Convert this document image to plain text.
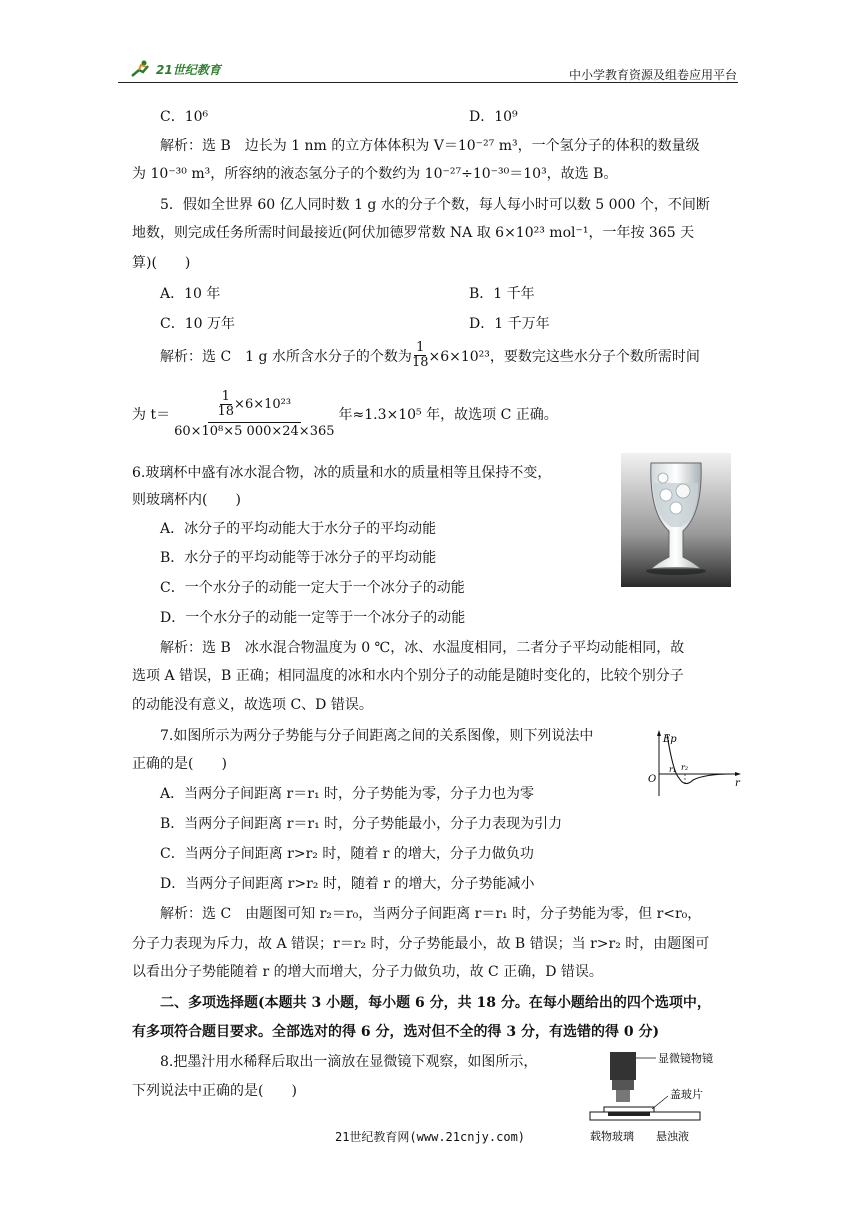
21世纪教育	中小学教育资源及组卷应用平台
C．10⁶	D．10⁹
解析：选 B　边长为 1 nm 的立方体体积为 V＝10⁻²⁷ m³，一个氢分子的体积的数量级
为 10⁻³⁰ m³，所容纳的液态氢分子的个数约为 10⁻²⁷÷10⁻³⁰＝10³，故选 B。
5．假如全世界 60 亿人同时数 1 g 水的分子个数，每人每小时可以数 5 000 个，不间断
地数，则完成任务所需时间最接近(阿伏加德罗常数 NA 取 6×10²³ mol⁻¹，一年按 365 天
算)(　　)
A．10 年	B．1 千年
C．10 万年	D．1 千万年
解析：选 C　1 g 水所含水分子的个数为 $\frac{1}{18} \times 6\times 10^{23}$，要数完这些水分子个数所需时间
为 $t= \frac{\frac{1}{18} \times 6\times 10^{23}}{\text{60×10⁸×5 000×24×365}}$ 年≈1.3×10⁵ 年，故选项 C 正确。
6.玻璃杯中盛有冰水混合物，冰的质量和水的质量相等且保持不变，
则玻璃杯内(　　)
A．冰分子的平均动能大于水分子的平均动能
B．水分子的平均动能等于冰分子的平均动能
C．一个水分子的动能一定大于一个冰分子的动能
D．一个水分子的动能一定等于一个冰分子的动能
解析：选 B　冰水混合物温度为 0 ℃，冰、水温度相同，二者分子平均动能相同，故
选项 A 错误，B 正确；相同温度的冰和水内个别分子的动能是随时变化的，比较个别分子
的动能没有意义，故选项 C、D 错误。
7.如图所示为两分子势能与分子间距离之间的关系图像，则下列说法中
正确的是(　　)
A．当两分子间距离 r＝r₁ 时，分子势能为零，分子力也为零
B．当两分子间距离 r＝r₁ 时，分子势能最小，分子力表现为引力
C．当两分子间距离 r>r₂ 时，随着 r 的增大，分子力做负功
D．当两分子间距离 r>r₂ 时，随着 r 的增大，分子势能减小
Ep
O
r₁ r₂
r
解析：选 C　由题图可知 r₂＝r₀，当两分子间距离 r＝r₁ 时，分子势能为零，但 r<r₀，
分子力表现为斥力，故 A 错误；r＝r₂ 时，分子势能最小，故 B 错误；当 r>r₂ 时，由题图可
以看出分子势能随着 r 的增大而增大，分子力做负功，故 C 正确，D 错误。
二、多项选择题(本题共 3 小题，每小题 6 分，共 18 分。在每小题给出的四个选项中，
有多项符合题目要求。全部选对的得 6 分，选对但不全的得 3 分，有选错的得 0 分)
8.把墨汁用水稀释后取出一滴放在显微镜下观察，如图所示，
下列说法中正确的是(　　)
显微镜物镜
盖玻片
载物玻璃 悬浊液
21世纪教育网(www.21cnjy.com)
